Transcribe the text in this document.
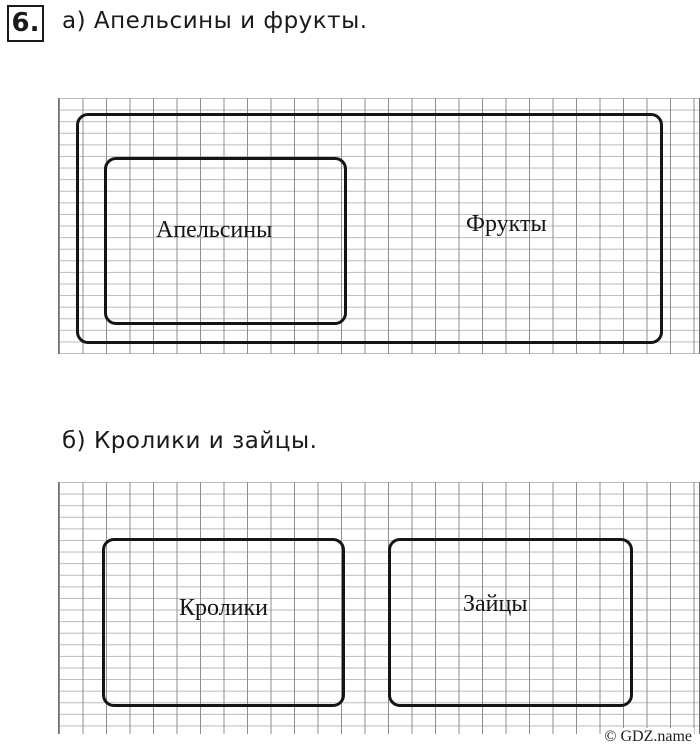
6. а) Апельсины и фрукты.
Апельсины	Фрукты
б) Кролики и зайцы.
Кролики	Зайцы
© GDZ.name
